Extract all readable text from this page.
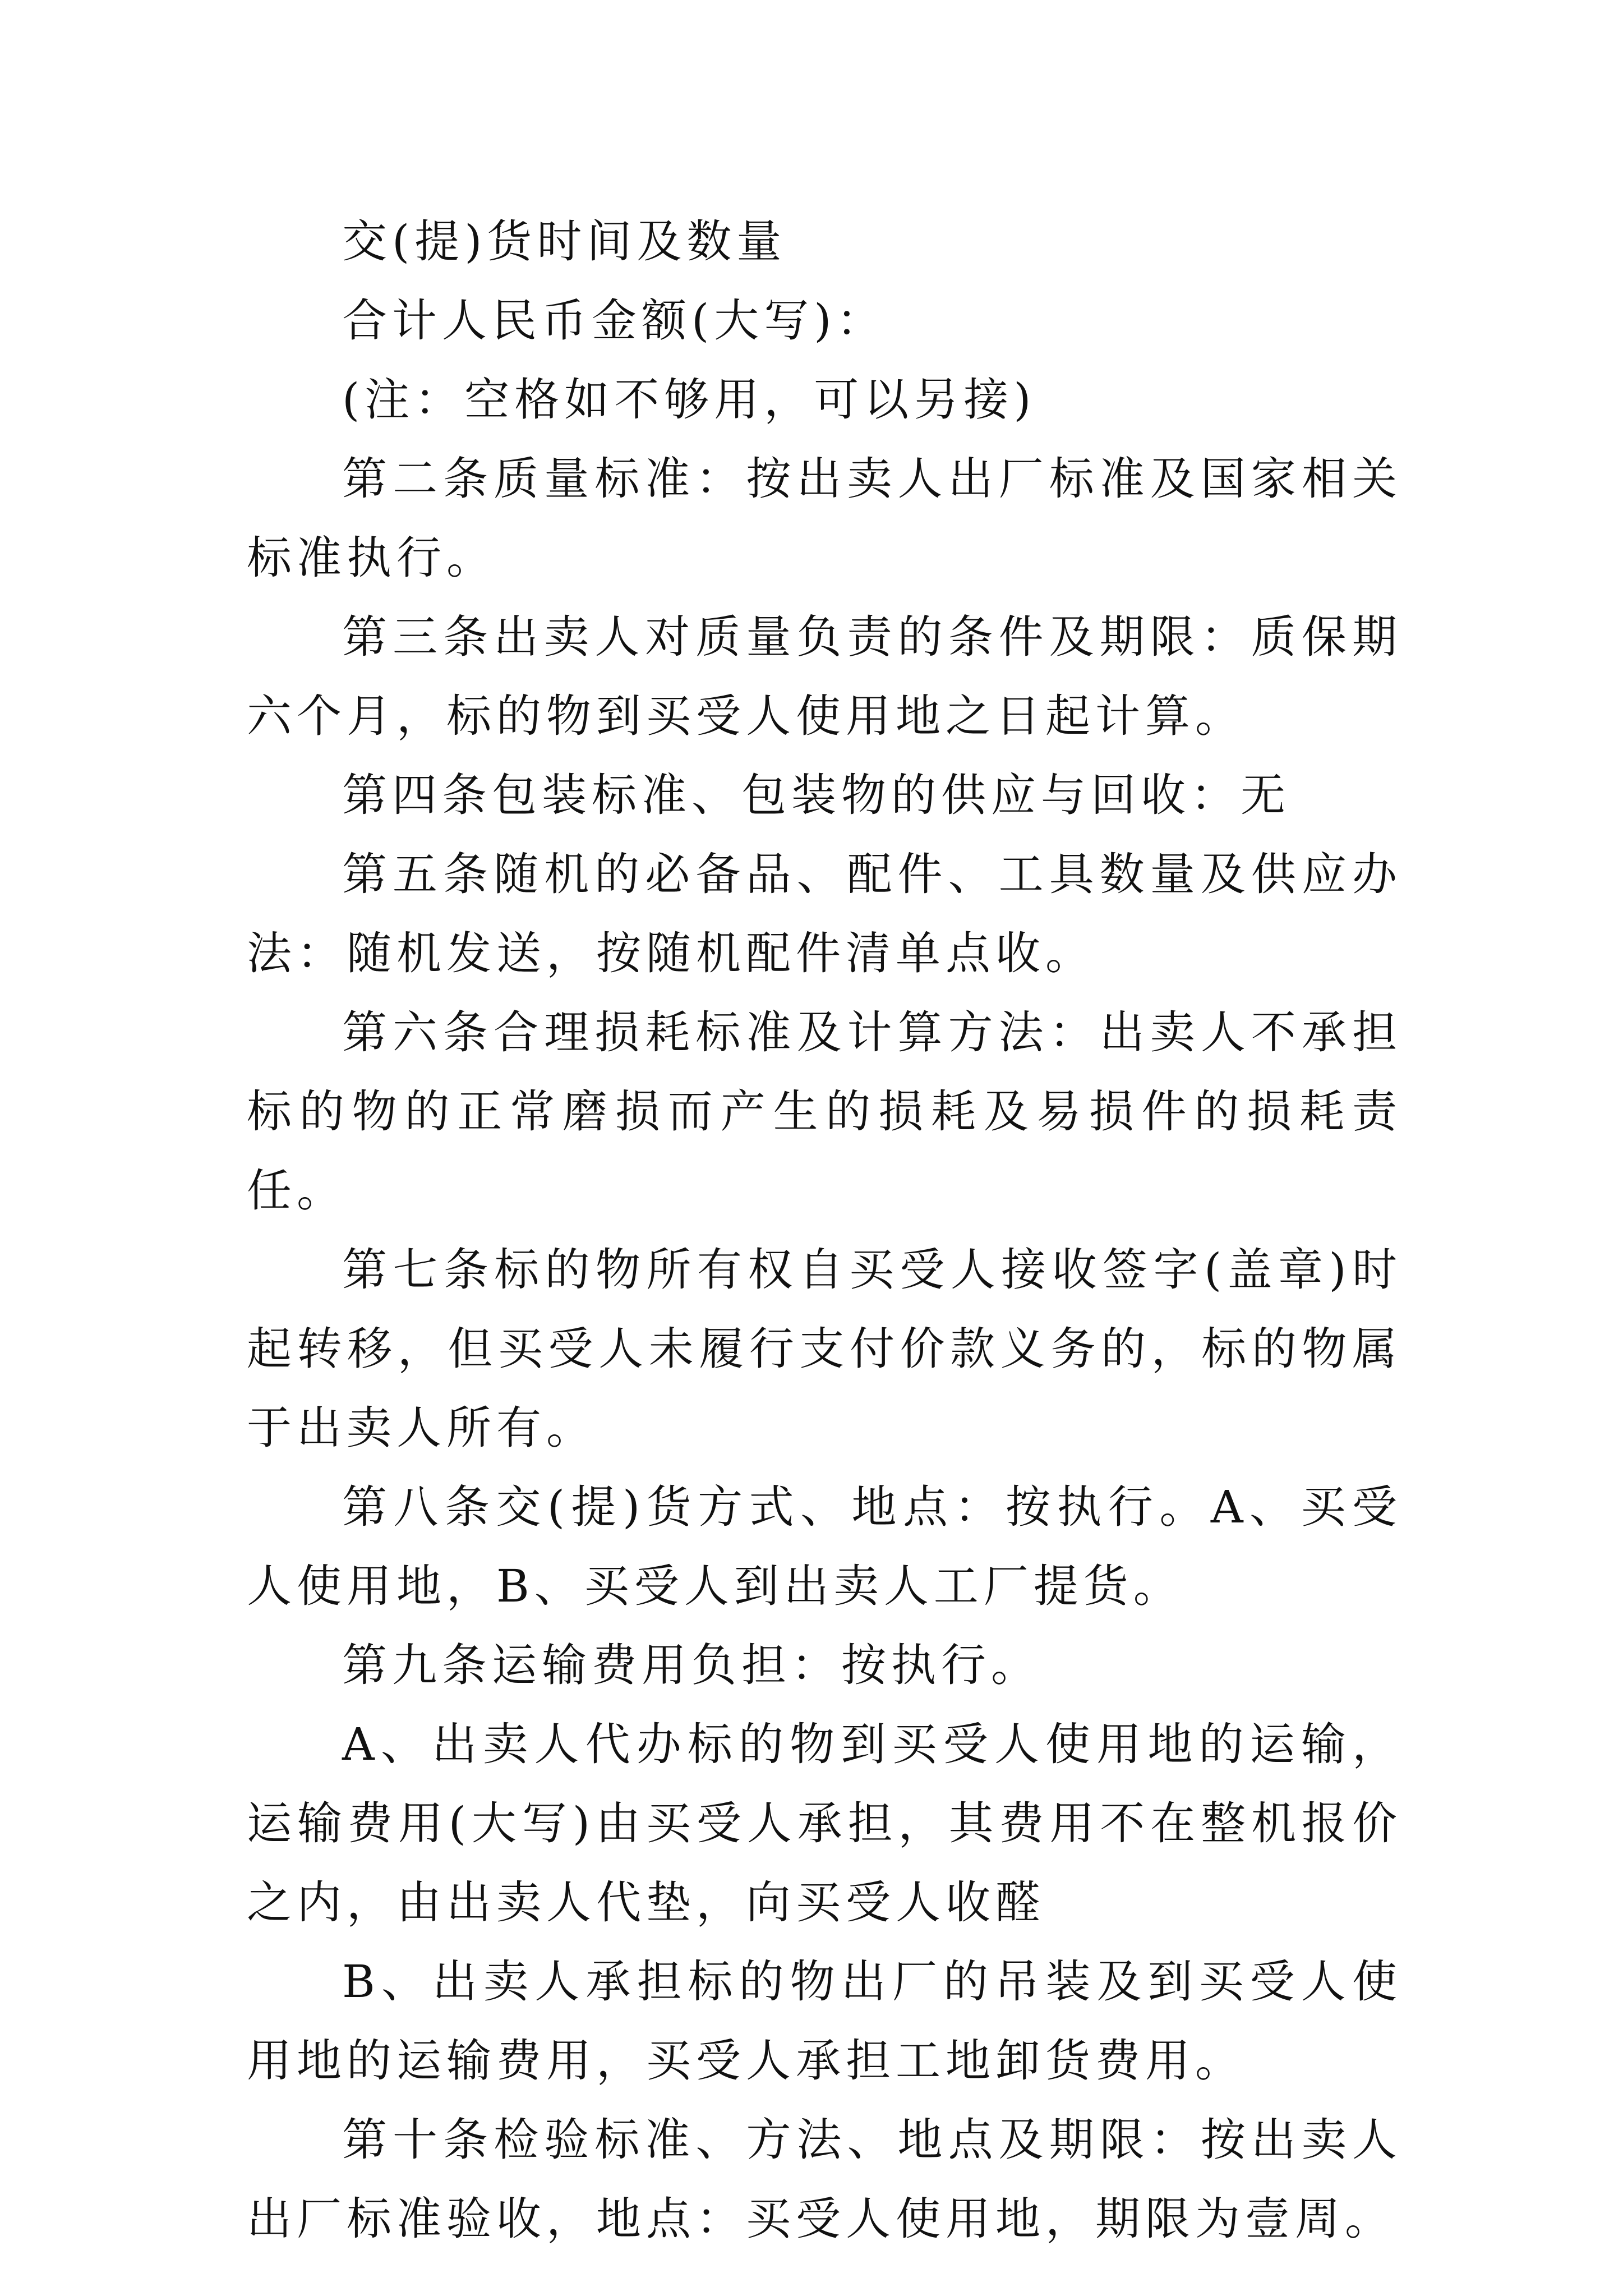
交(提)货时间及数量

合计人民币金额(大写)：

(注：空格如不够用，可以另接)

第二条质量标准：按出卖人出厂标准及国家相关标准执行。

第三条出卖人对质量负责的条件及期限：质保期六个月，标的物到买受人使用地之日起计算。

第四条包装标准、包装物的供应与回收：无

第五条随机的必备品、配件、工具数量及供应办法：随机发送，按随机配件清单点收。

第六条合理损耗标准及计算方法：出卖人不承担标的物的正常磨损而产生的损耗及易损件的损耗责任。

第七条标的物所有权自买受人接收签字(盖章)时起转移，但买受人未履行支付价款义务的，标的物属于出卖人所有。

第八条交(提)货方式、地点：按执行。A、买受人使用地，B、买受人到出卖人工厂提货。

第九条运输费用负担：按执行。

A、出卖人代办标的物到买受人使用地的运输，运输费用(大写)由买受人承担，其费用不在整机报价之内，由出卖人代垫，向买受人收醛

B、出卖人承担标的物出厂的吊装及到买受人使用地的运输费用，买受人承担工地卸货费用。

第十条检验标准、方法、地点及期限：按出卖人出厂标准验收，地点：买受人使用地，期限为壹周。
